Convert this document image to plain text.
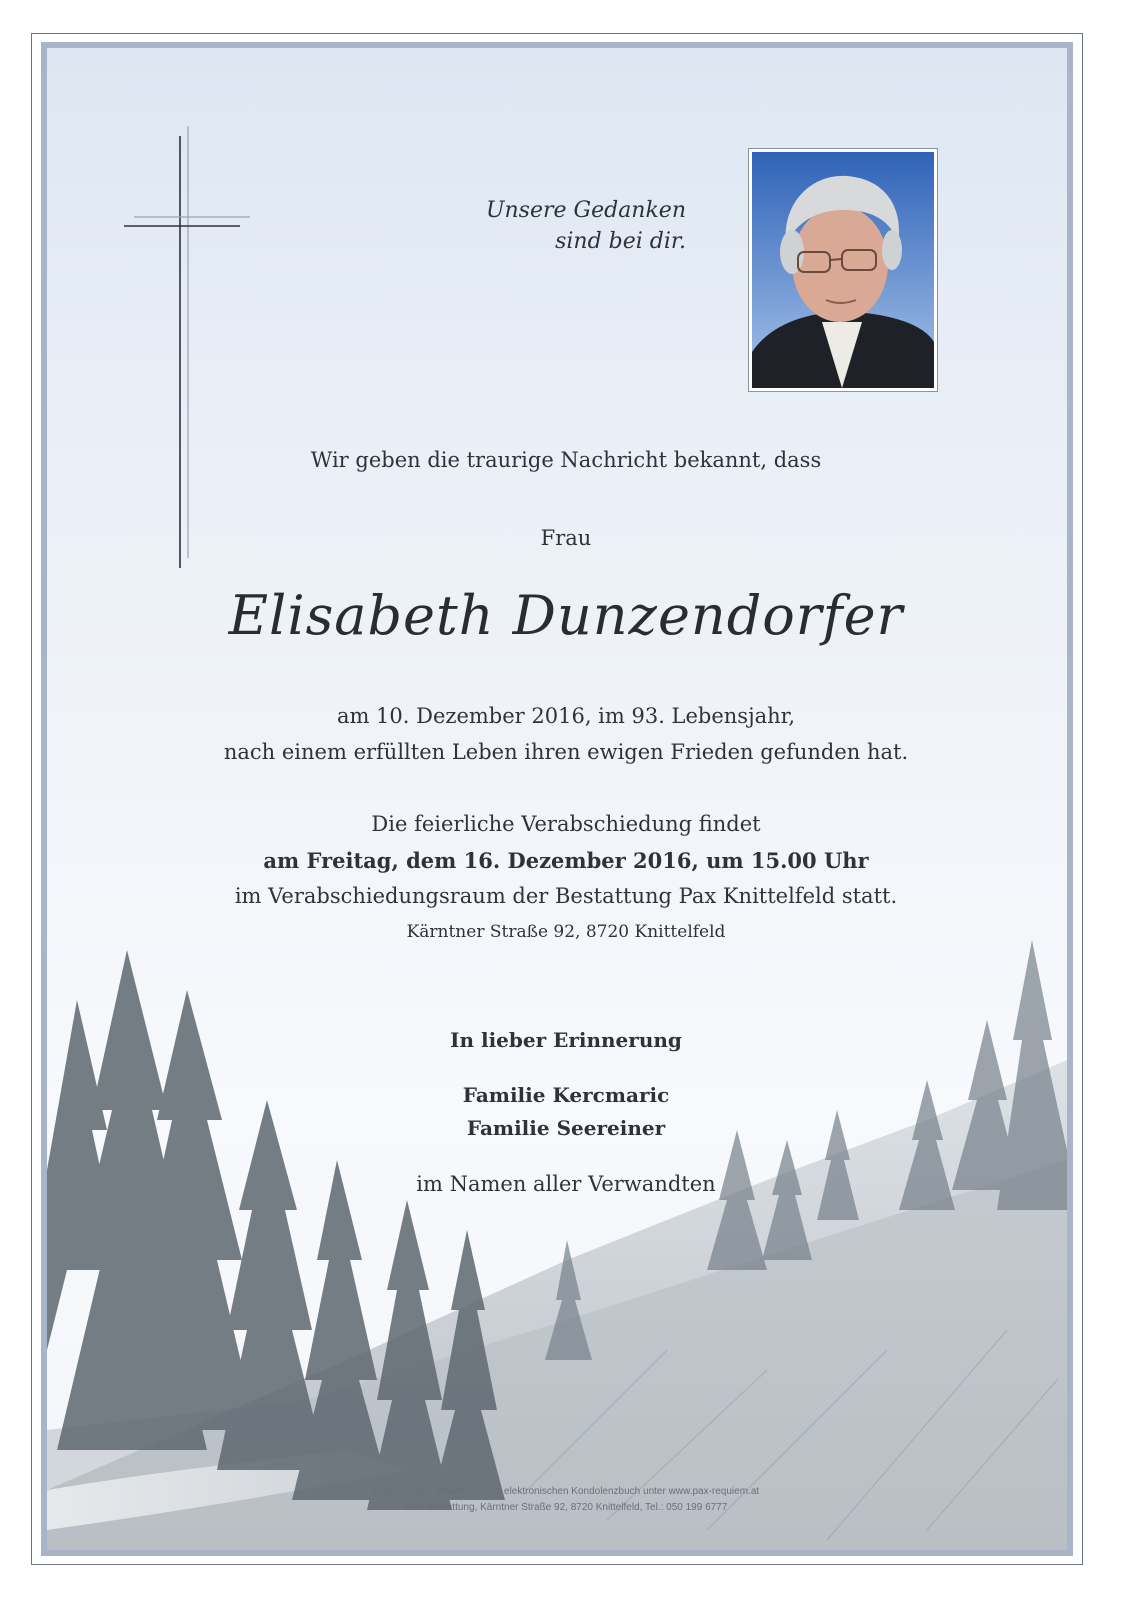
Unsere Gedanken
sind bei dir.
Wir geben die traurige Nachricht bekannt, dass
Frau
Elisabeth Dunzendorfer
am 10. Dezember 2016, im 93. Lebensjahr,
nach einem erfüllten Leben ihren ewigen Frieden gefunden hat.
Die feierliche Verabschiedung findet
am Freitag, dem 16. Dezember 2016, um 15.00 Uhr
im Verabschiedungsraum der Bestattung Pax Knittelfeld statt.
Kärntner Straße 92, 8720 Knittelfeld
In lieber Erinnerung
Familie Kercmaric
Familie Seereiner
im Namen aller Verwandten
Erinnerungen bewahren – im elektronischen Kondolenzbuch unter www.pax-requiem.at
PAX Bestattung, Kärntner Straße 92, 8720 Knittelfeld, Tel.: 050 199 6777
